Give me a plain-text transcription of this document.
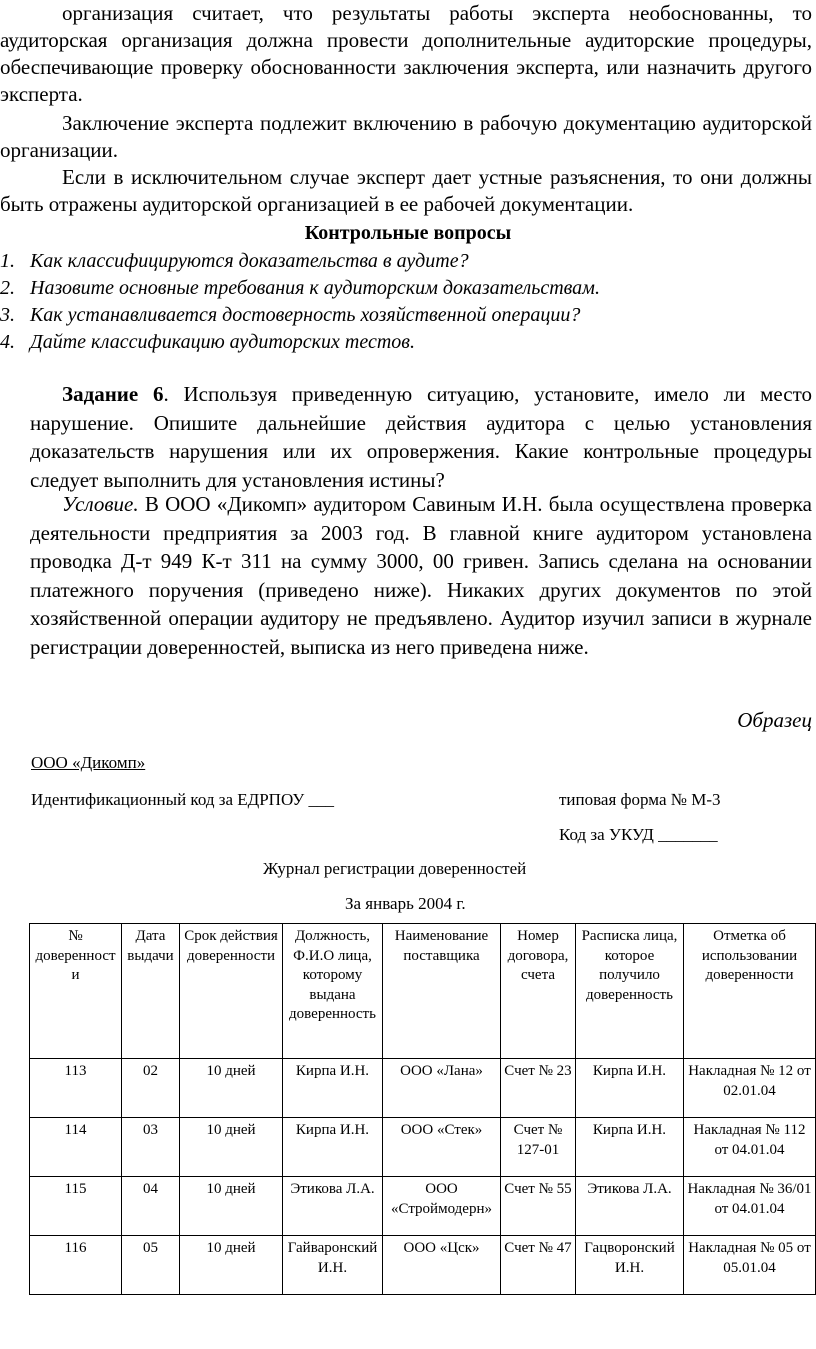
организация считает, что результаты работы эксперта необоснованны, то аудиторская организация должна провести дополнительные аудиторские процедуры, обеспечивающие проверку обоснованности заключения эксперта, или назначить другого эксперта.

Заключение эксперта подлежит включению в рабочую документацию аудиторской организации.

Если в исключительном случае эксперт дает устные разъяснения, то они должны быть отражены аудиторской организацией в ее рабочей документации.

Контрольные вопросы
1. Как классифицируются доказательства в аудите?
2. Назовите основные требования к аудиторским доказательствам.
3. Как устанавливается достоверность хозяйственной операции?
4. Дайте классификацию аудиторских тестов.

Задание 6. Используя приведенную ситуацию, установите, имело ли место нарушение. Опишите дальнейшие действия аудитора с целью установления доказательств нарушения или их опровержения. Какие контрольные процедуры следует выполнить для установления истины?

Условие. В ООО «Дикомп» аудитором Савиным И.Н. была осуществлена проверка деятельности предприятия за 2003 год. В главной книге аудитором установлена проводка Д-т 949 К-т 311 на сумму 3000, 00 гривен. Запись сделана на основании платежного поручения (приведено ниже). Никаких других документов по этой хозяйственной операции аудитору не предъявлено. Аудитор изучил записи в журнале регистрации доверенностей, выписка из него приведена ниже.

Образец
ООО «Дикомп»
Идентификационный код за ЕДРПОУ ___	типовая форма № М-3
Код за УКУД _______
Журнал регистрации доверенностей
За январь 2004 г.
№ доверенности	Дата выдачи	Срок действия доверенности	Должность, Ф.И.О лица, которому выдана доверенность	Наименование поставщика	Номер договора, счета	Расписка лица, которое получило доверенность	Отметка об использовании доверенности
113	02	10 дней	Кирпа И.Н.	ООО «Лана»	Счет № 23	Кирпа И.Н.	Накладная № 12 от 02.01.04
114	03	10 дней	Кирпа И.Н.	ООО «Стек»	Счет № 127-01	Кирпа И.Н.	Накладная № 112 от 04.01.04
115	04	10 дней	Этикова Л.А.	ООО «Строймодерн»	Счет № 55	Этикова Л.А.	Накладная № 36/01 от 04.01.04
116	05	10 дней	Гайваронский И.Н.	ООО «Цск»	Счет № 47	Гацворонский И.Н.	Накладная № 05 от 05.01.04
